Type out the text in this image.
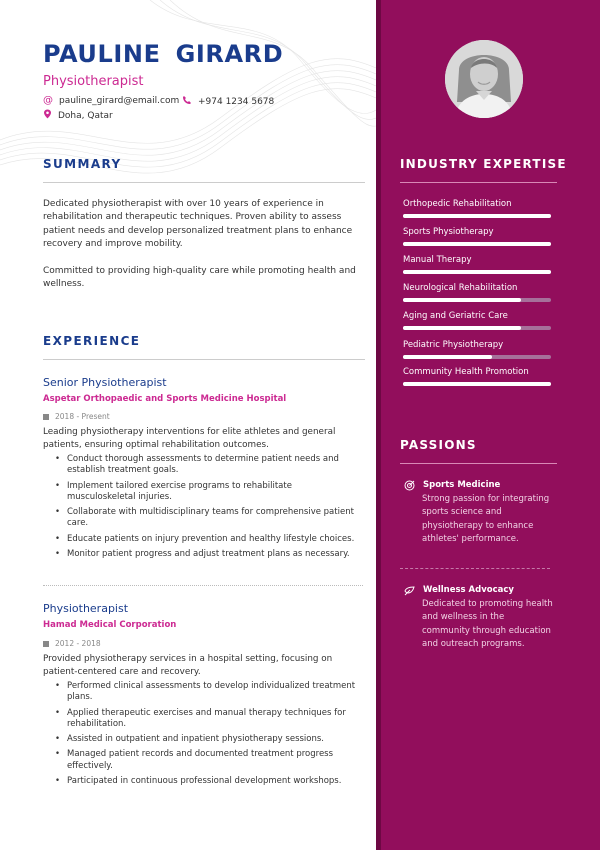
PAULINE GIRARD
Physiotherapist
@ pauline_girard@email.com +974 1234 5678
Doha, Qatar
SUMMARY
Dedicated physiotherapist with over 10 years of experience in rehabilitation and therapeutic techniques. Proven ability to assess patient needs and develop personalized treatment plans to enhance recovery and improve mobility.
Committed to providing high-quality care while promoting health and wellness.
EXPERIENCE
Senior Physiotherapist
Aspetar Orthopaedic and Sports Medicine Hospital
2018 - Present
Leading physiotherapy interventions for elite athletes and general patients, ensuring optimal rehabilitation outcomes.
• Conduct thorough assessments to determine patient needs and establish treatment goals.
• Implement tailored exercise programs to rehabilitate musculoskeletal injuries.
• Collaborate with multidisciplinary teams for comprehensive patient care.
• Educate patients on injury prevention and healthy lifestyle choices.
• Monitor patient progress and adjust treatment plans as necessary.
Physiotherapist
Hamad Medical Corporation
2012 - 2018
Provided physiotherapy services in a hospital setting, focusing on patient-centered care and recovery.
• Performed clinical assessments to develop individualized treatment plans.
• Applied therapeutic exercises and manual therapy techniques for rehabilitation.
• Assisted in outpatient and inpatient physiotherapy sessions.
• Managed patient records and documented treatment progress effectively.
• Participated in continuous professional development workshops.
INDUSTRY EXPERTISE
Orthopedic Rehabilitation
Sports Physiotherapy
Manual Therapy
Neurological Rehabilitation
Aging and Geriatric Care
Pediatric Physiotherapy
Community Health Promotion
PASSIONS
Sports Medicine
Strong passion for integrating sports science and physiotherapy to enhance athletes' performance.
Wellness Advocacy
Dedicated to promoting health and wellness in the community through education and outreach programs.
